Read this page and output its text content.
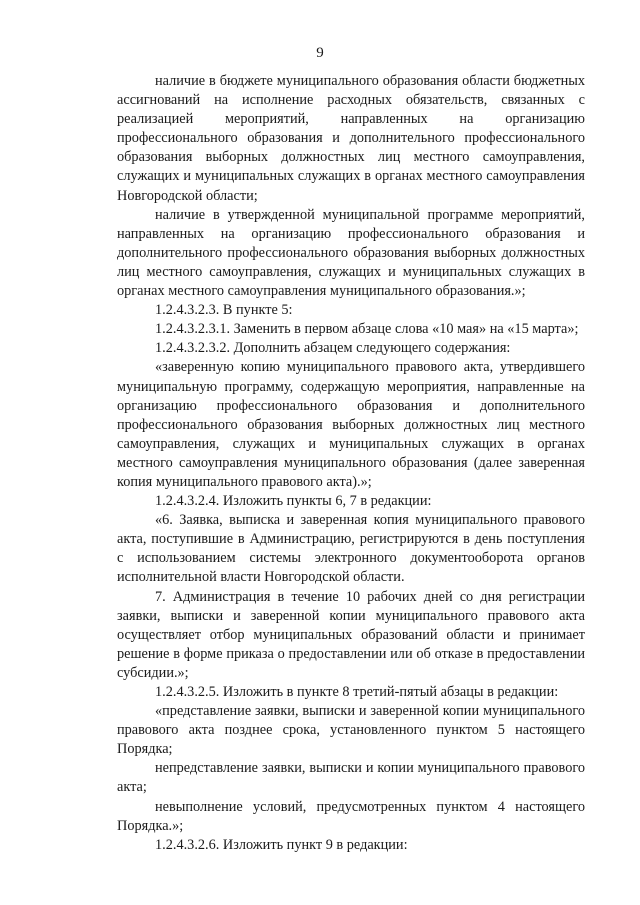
9

наличие в бюджете муниципального образования области бюджетных ассигнований на исполнение расходных обязательств, связанных с реализацией мероприятий, направленных на организацию профессионального образования и дополнительного профессионального образования выборных должностных лиц местного самоуправления, служащих и муниципальных служащих в органах местного самоуправления Новгородской области;

наличие в утвержденной муниципальной программе мероприятий, направленных на организацию профессионального образования и дополнительного профессионального образования выборных должностных лиц местного самоуправления, служащих и муниципальных служащих в органах местного самоуправления муниципального образования.»;

1.2.4.3.2.3. В пункте 5:

1.2.4.3.2.3.1. Заменить в первом абзаце слова «10 мая» на «15 марта»;

1.2.4.3.2.3.2. Дополнить абзацем следующего содержания:

«заверенную копию муниципального правового акта, утвердившего муниципальную программу, содержащую мероприятия, направленные на организацию профессионального образования и дополнительного профессионального образования выборных должностных лиц местного самоуправления, служащих и муниципальных служащих в органах местного самоуправления муниципального образования (далее заверенная копия муниципального правового акта).»;

1.2.4.3.2.4. Изложить пункты 6, 7 в редакции:

«6. Заявка, выписка и заверенная копия муниципального правового акта, поступившие в Администрацию, регистрируются в день поступления с использованием системы электронного документооборота органов исполнительной власти Новгородской области.

7. Администрация в течение 10 рабочих дней со дня регистрации заявки, выписки и заверенной копии муниципального правового акта осуществляет отбор муниципальных образований области и принимает решение в форме приказа о предоставлении или об отказе в предоставлении субсидии.»;

1.2.4.3.2.5. Изложить в пункте 8 третий-пятый абзацы в редакции:

«представление заявки, выписки и заверенной копии муниципального правового акта позднее срока, установленного пунктом 5 настоящего Порядка;

непредставление заявки, выписки и копии муниципального правового акта;

невыполнение условий, предусмотренных пунктом 4 настоящего Порядка.»;

1.2.4.3.2.6. Изложить пункт 9 в редакции:
